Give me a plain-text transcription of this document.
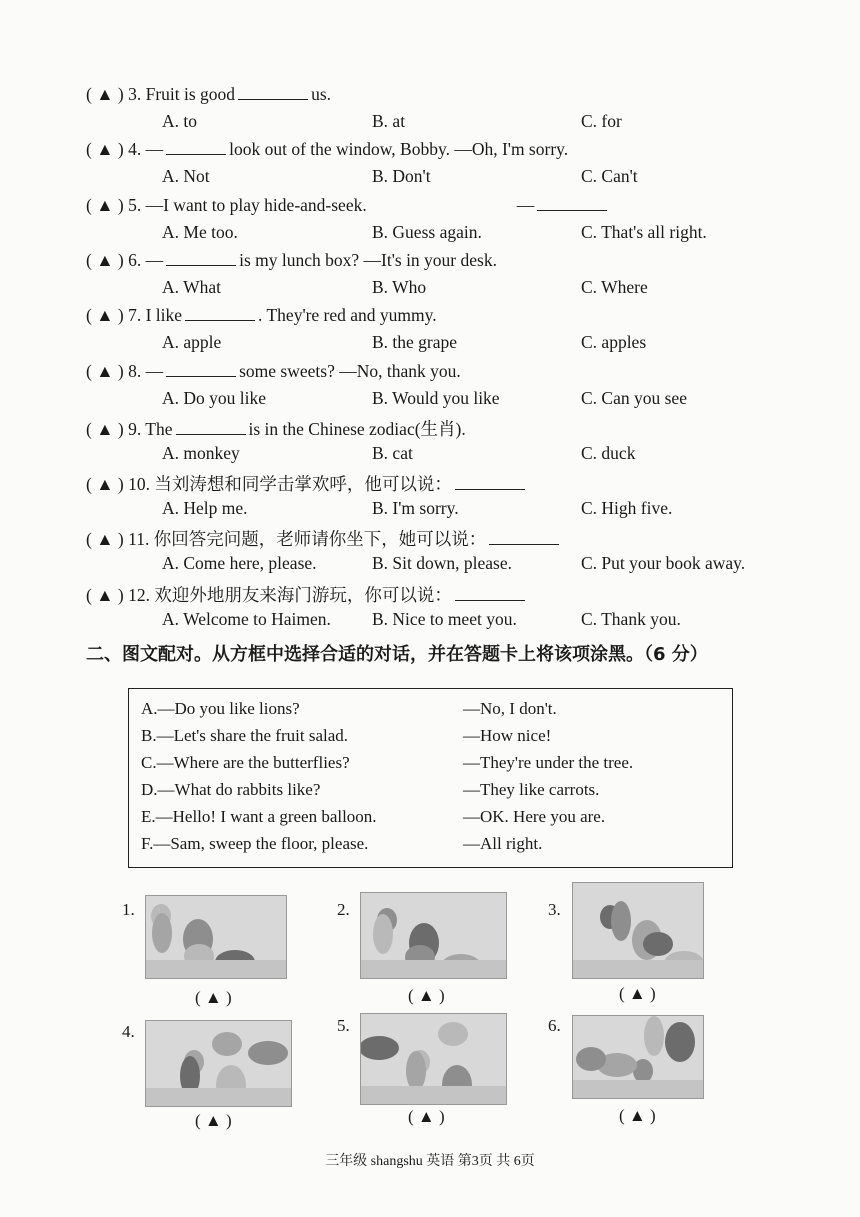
( ▲ ) 3. Fruit is good	us.
A. to	B. at	C. for
( ▲ ) 4. —	look out of the window, Bobby. —Oh, I'm sorry.
A. Not	B. Don't	C. Can't
( ▲ ) 5. —I want to play hide-and-seek.	—
A. Me too.	B. Guess again.	C. That's all right.
( ▲ ) 6. —	is my lunch box? —It's in your desk.
A. What	B. Who	C. Where
( ▲ ) 7. I like	. They're red and yummy.
A. apple	B. the grape	C. apples
( ▲ ) 8. —	some sweets? —No, thank you.
A. Do you like	B. Would you like	C. Can you see
( ▲ ) 9. The	is in the Chinese zodiac(生肖).
A. monkey	B. cat	C. duck
( ▲ ) 10. 当刘涛想和同学击掌欢呼，他可以说：
A. Help me.	B. I'm sorry.	C. High five.
( ▲ ) 11. 你回答完问题，老师请你坐下，她可以说：
A. Come here, please.	B. Sit down, please.	C. Put your book away.
( ▲ ) 12. 欢迎外地朋友来海门游玩，你可以说：
A. Welcome to Haimen. B. Nice to meet you.	C. Thank you.
二、图文配对。从方框中选择合适的对话，并在答题卡上将该项涂黑。（6 分）
A.—Do you like lions?	—No, I don't.
B.—Let's share the fruit salad.	—How nice!
C.—Where are the butterflies?	—They're under the tree.
D.—What do rabbits like?	—They like carrots.
E.—Hello! I want a green balloon.	—OK. Here you are.
F.—Sam, sweep the floor, please.	—All right.
1.
( ▲ )
2.
( ▲ )
3.
( ▲ )
4.
( ▲ )
5.
( ▲ )
6.
( ▲ )
三年级 shangshu 英语 第3页 共 6页
